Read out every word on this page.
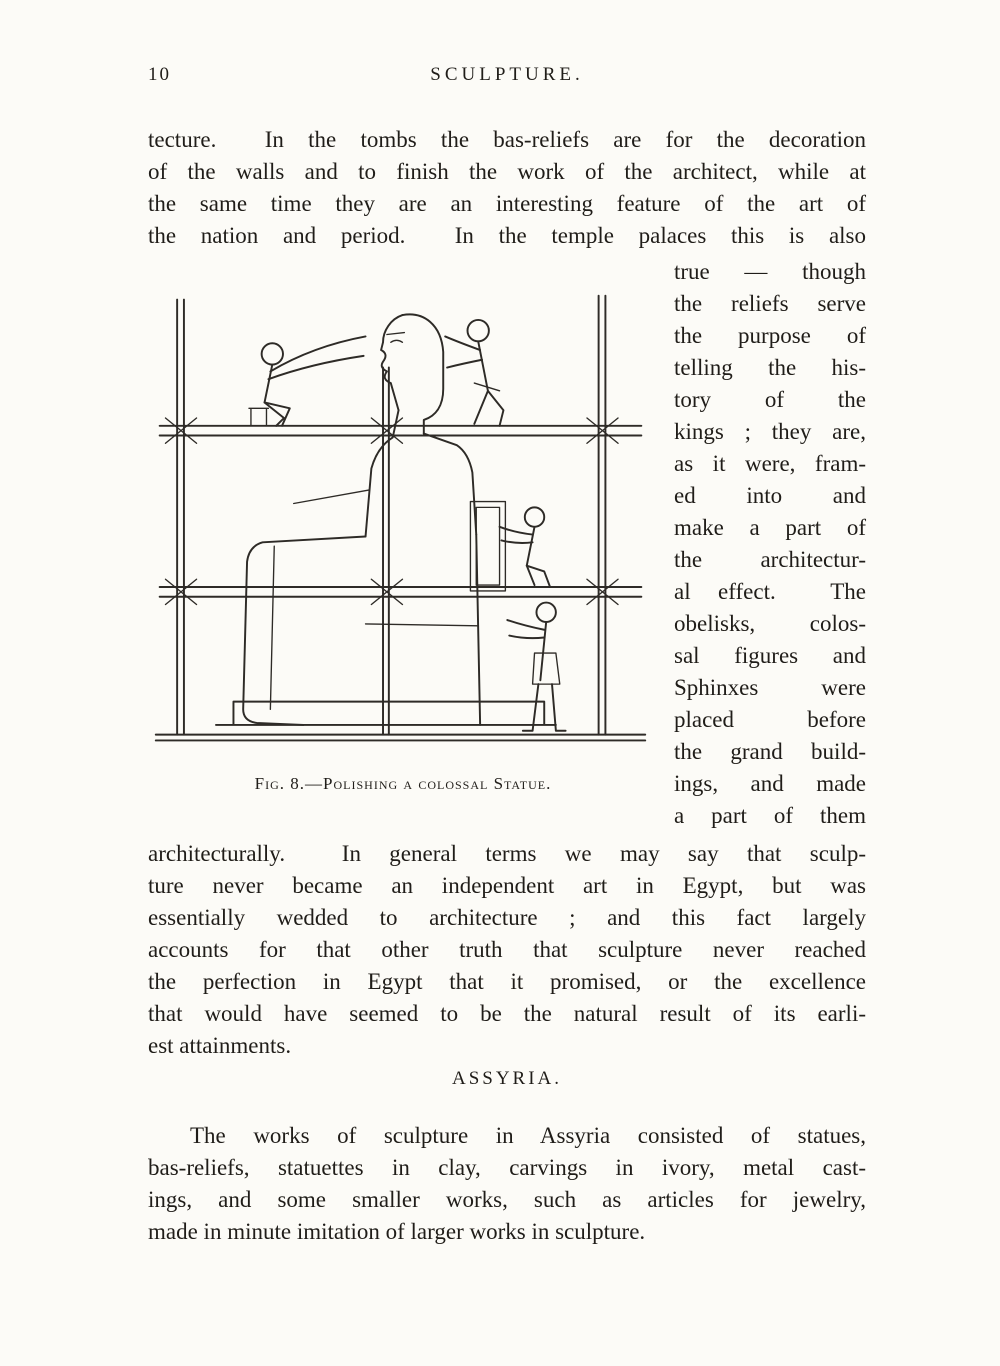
10	SCULPTURE.
tecture.  In the tombs the bas-reliefs are for the decoration
of the walls and to finish the work of the architect, while at
the same time they are an interesting feature of the art of
the nation and period.  In the temple palaces this is also
Fig. 8.—Polishing a colossal Statue.
true — though
the reliefs serve
the purpose of
telling the his-
tory of the
kings ; they are,
as it were, fram-
ed into and
make a part of
the architectur-
al effect.  The
obelisks, colos-
sal figures and
Sphinxes were
placed before
the grand build-
ings, and made
a part of them
architecturally.  In general terms we may say that sculp-
ture never became an independent art in Egypt, but was
essentially wedded to architecture ; and this fact largely
accounts for that other truth that sculpture never reached
the perfection in Egypt that it promised, or the excellence
that would have seemed to be the natural result of its earli-
est attainments.
ASSYRIA.
The works of sculpture in Assyria consisted of statues,
bas-reliefs, statuettes in clay, carvings in ivory, metal cast-
ings, and some smaller works, such as articles for jewelry,
made in minute imitation of larger works in sculpture.
